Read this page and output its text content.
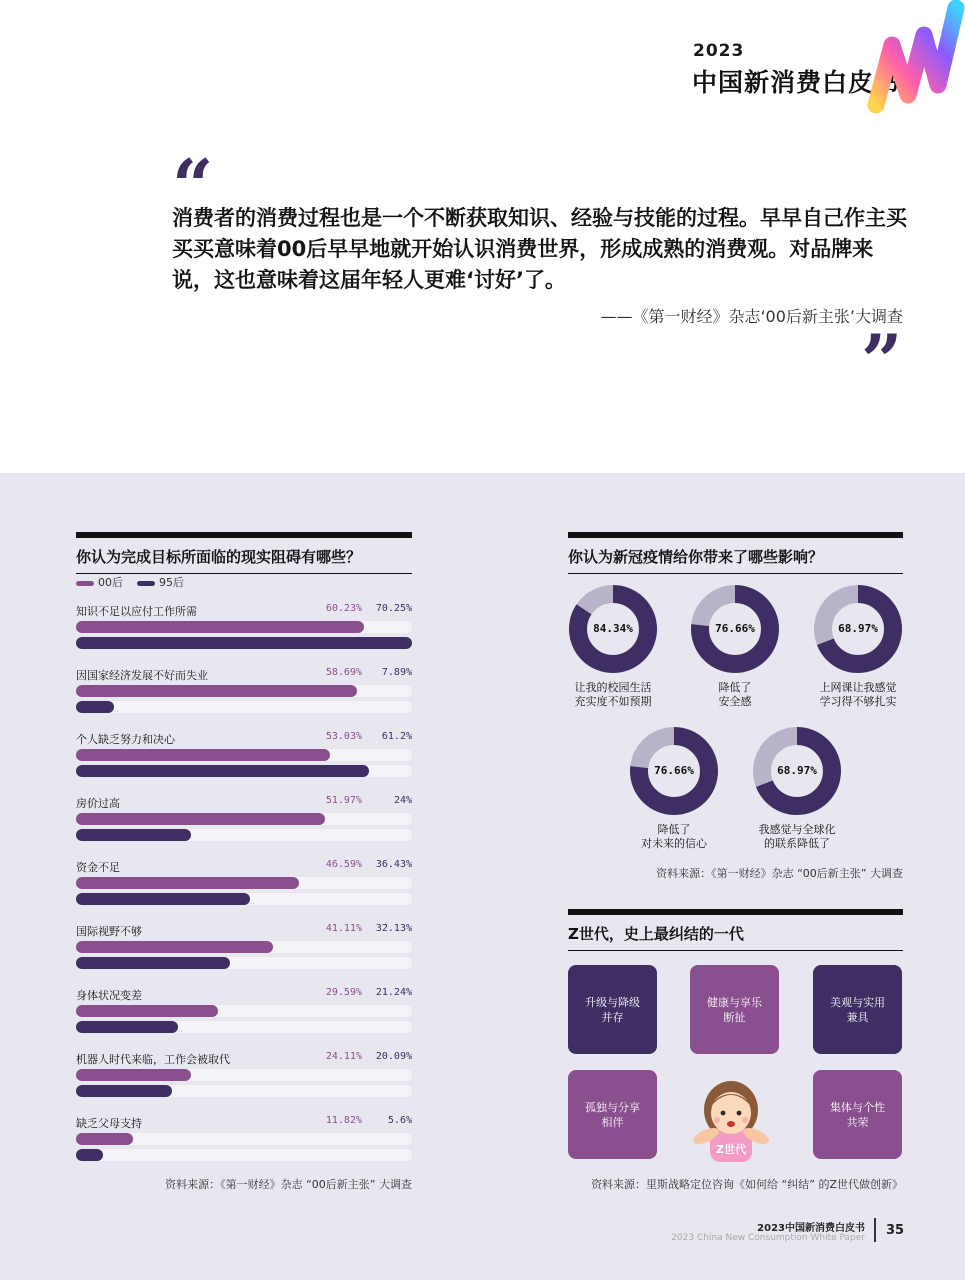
2023
中国新消费白皮书
“
消费者的消费过程也是一个不断获取知识、经验与技能的过程。早早自己作主买买买意味着00后早早地就开始认识消费世界，形成成熟的消费观。对品牌来说，这也意味着这届年轻人更难‘讨好’了。
——《第一财经》杂志‘00后新主张’大调查
”
你认为完成目标所面临的现实阻碍有哪些？
00后	95后
知识不足以应付工作所需	60.23% 70.25%
因国家经济发展不好而失业	58.69% 7.89%
个人缺乏努力和决心	53.03% 61.2%
房价过高	51.97%	24%
资金不足	46.59% 36.43%
国际视野不够	41.11% 32.13%
身体状况变差	29.59% 21.24%
机器人时代来临，工作会被取代	24.11% 20.09%
缺乏父母支持	11.82%	5.6%
资料来源：《第一财经》杂志 “00后新主张” 大调查
你认为新冠疫情给你带来了哪些影响？
84.34%
让我的校园生活
充实度不如预期
76.66%
降低了
安全感
68.97%
上网课让我感觉
学习得不够扎实
76.66%
降低了
对未来的信心
68.97%
我感觉与全球化
的联系降低了
资料来源：《第一财经》杂志 “00后新主张” 大调查
Z世代，史上最纠结的一代
升级与降级
并存
健康与享乐
断扯
美观与实用
兼具
孤独与分享
相伴
集体与个性
共荣
Z世代
资料来源：里斯战略定位咨询《如何给 “纠结” 的Z世代做创新》
2023中国新消费白皮书
2023 China New Consumption White Paper 35
